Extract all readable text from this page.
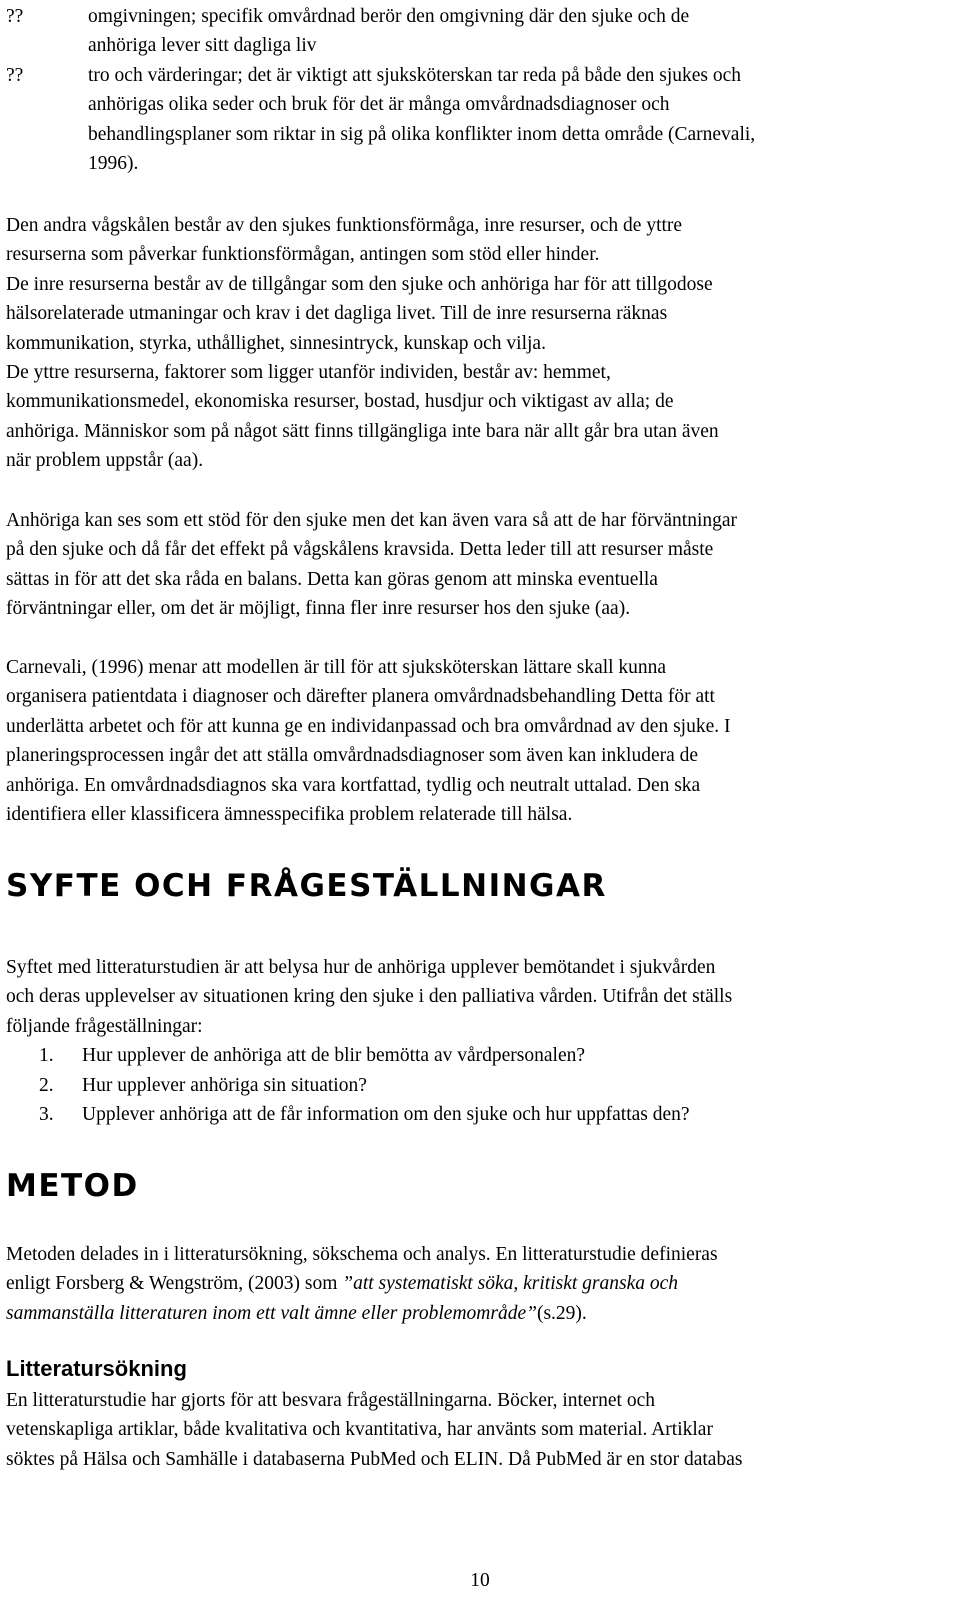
??	omgivningen; specifik omvårdnad berör den omgivning där den sjuke och de
anhöriga lever sitt dagliga liv
??	tro och värderingar; det är viktigt att sjuksköterskan tar reda på både den sjukes och
anhörigas olika seder och bruk för det är många omvårdnadsdiagnoser och
behandlingsplaner som riktar in sig på olika konflikter inom detta område (Carnevali,
1996).
Den andra vågskålen består av den sjukes funktionsförmåga, inre resurser, och de yttre
resurserna som påverkar funktionsförmågan, antingen som stöd eller hinder.
De inre resurserna består av de tillgångar som den sjuke och anhöriga har för att tillgodose
hälsorelaterade utmaningar och krav i det dagliga livet. Till de inre resurserna räknas
kommunikation, styrka, uthållighet, sinnesintryck, kunskap och vilja.
De yttre resurserna, faktorer som ligger utanför individen, består av: hemmet,
kommunikationsmedel, ekonomiska resurser, bostad, husdjur och viktigast av alla; de
anhöriga. Människor som på något sätt finns tillgängliga inte bara när allt går bra utan även
när problem uppstår (aa).
Anhöriga kan ses som ett stöd för den sjuke men det kan även vara så att de har förväntningar
på den sjuke och då får det effekt på vågskålens kravsida. Detta leder till att resurser måste
sättas in för att det ska råda en balans. Detta kan göras genom att minska eventuella
förväntningar eller, om det är möjligt, finna fler inre resurser hos den sjuke (aa).
Carnevali, (1996) menar att modellen är till för att sjuksköterskan lättare skall kunna
organisera patientdata i diagnoser och därefter planera omvårdnadsbehandling Detta för att
underlätta arbetet och för att kunna ge en individanpassad och bra omvårdnad av den sjuke. I
planeringsprocessen ingår det att ställa omvårdnadsdiagnoser som även kan inkludera de
anhöriga. En omvårdnadsdiagnos ska vara kortfattad, tydlig och neutralt uttalad. Den ska
identifiera eller klassificera ämnesspecifika problem relaterade till hälsa.
SYFTE OCH FRÅGESTÄLLNINGAR
Syftet med litteraturstudien är att belysa hur de anhöriga upplever bemötandet i sjukvården
och deras upplevelser av situationen kring den sjuke i den palliativa vården. Utifrån det ställs
följande frågeställningar:
1. Hur upplever de anhöriga att de blir bemötta av vårdpersonalen?
2. Hur upplever anhöriga sin situation?
3. Upplever anhöriga att de får information om den sjuke och hur uppfattas den?
METOD
Metoden delades in i litteratursökning, sökschema och analys. En litteraturstudie definieras
enligt Forsberg & Wengström, (2003) som ”att systematiskt söka, kritiskt granska och
sammanställa litteraturen inom ett valt ämne eller problemområde”(s.29).
Litteratursökning
En litteraturstudie har gjorts för att besvara frågeställningarna. Böcker, internet och
vetenskapliga artiklar, både kvalitativa och kvantitativa, har använts som material. Artiklar
söktes på Hälsa och Samhälle i databaserna PubMed och ELIN. Då PubMed är en stor databas
10
